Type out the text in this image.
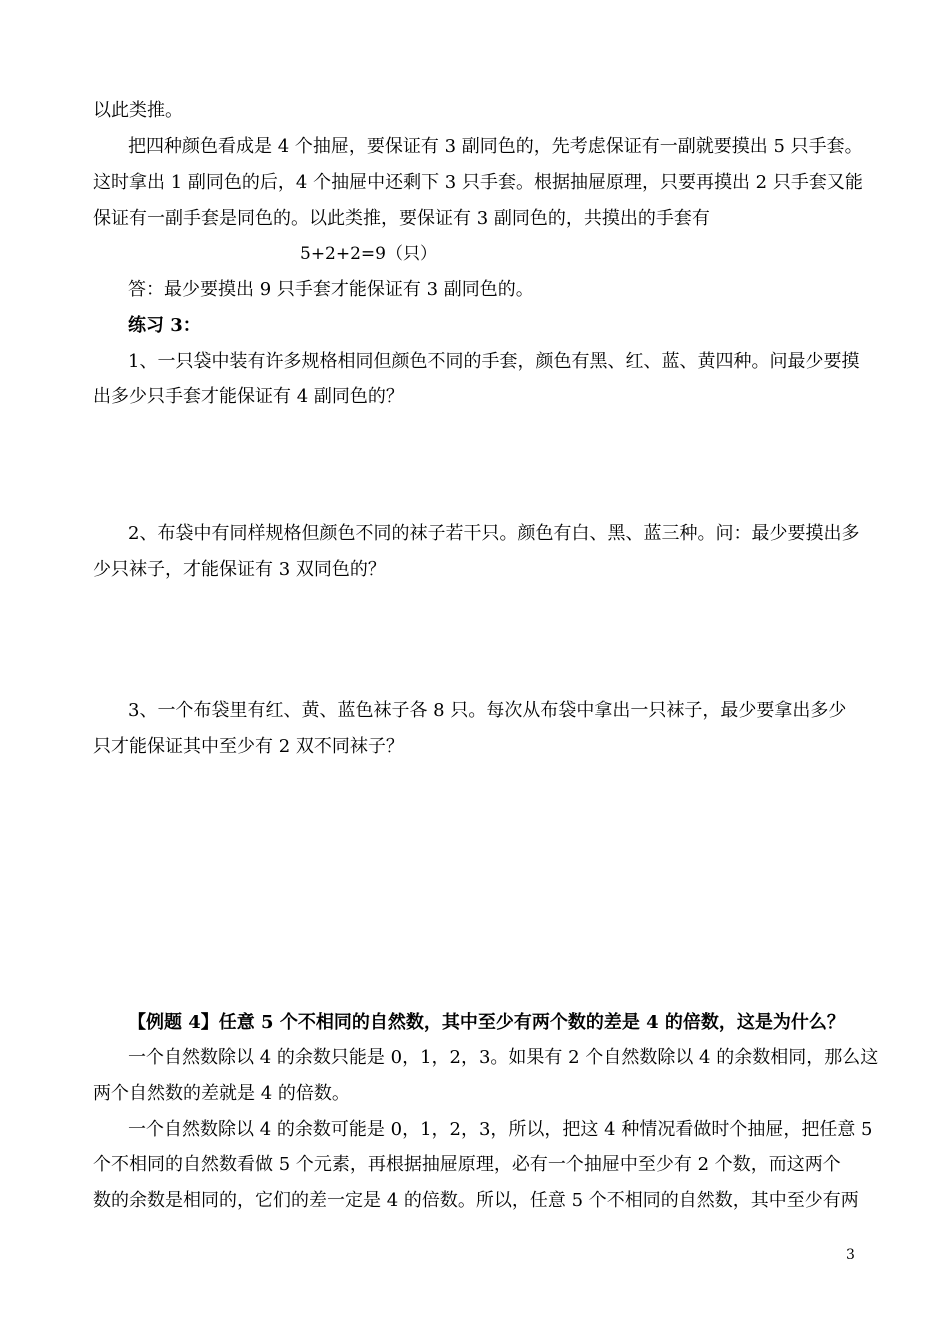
以此类推。
把四种颜色看成是 4 个抽屉，要保证有 3 副同色的，先考虑保证有一副就要摸出 5 只手套。
这时拿出 1 副同色的后，4 个抽屉中还剩下 3 只手套。根据抽屉原理，只要再摸出 2 只手套又能
保证有一副手套是同色的。以此类推，要保证有 3 副同色的，共摸出的手套有
5+2+2=9（只）
答：最少要摸出 9 只手套才能保证有 3 副同色的。
练习 3：
1、一只袋中装有许多规格相同但颜色不同的手套，颜色有黑、红、蓝、黄四种。问最少要摸
出多少只手套才能保证有 4 副同色的？
2、布袋中有同样规格但颜色不同的袜子若干只。颜色有白、黑、蓝三种。问：最少要摸出多
少只袜子，才能保证有 3 双同色的？
3、一个布袋里有红、黄、蓝色袜子各 8 只。每次从布袋中拿出一只袜子，最少要拿出多少
只才能保证其中至少有 2 双不同袜子？
【例题 4】任意 5 个不相同的自然数，其中至少有两个数的差是 4 的倍数，这是为什么？
一个自然数除以 4 的余数只能是 0，1，2，3。如果有 2 个自然数除以 4 的余数相同，那么这
两个自然数的差就是 4 的倍数。
一个自然数除以 4 的余数可能是 0，1，2，3，所以，把这 4 种情况看做时个抽屉，把任意 5
个不相同的自然数看做 5 个元素，再根据抽屉原理，必有一个抽屉中至少有 2 个数，而这两个
数的余数是相同的，它们的差一定是 4 的倍数。所以，任意 5 个不相同的自然数，其中至少有两
3
